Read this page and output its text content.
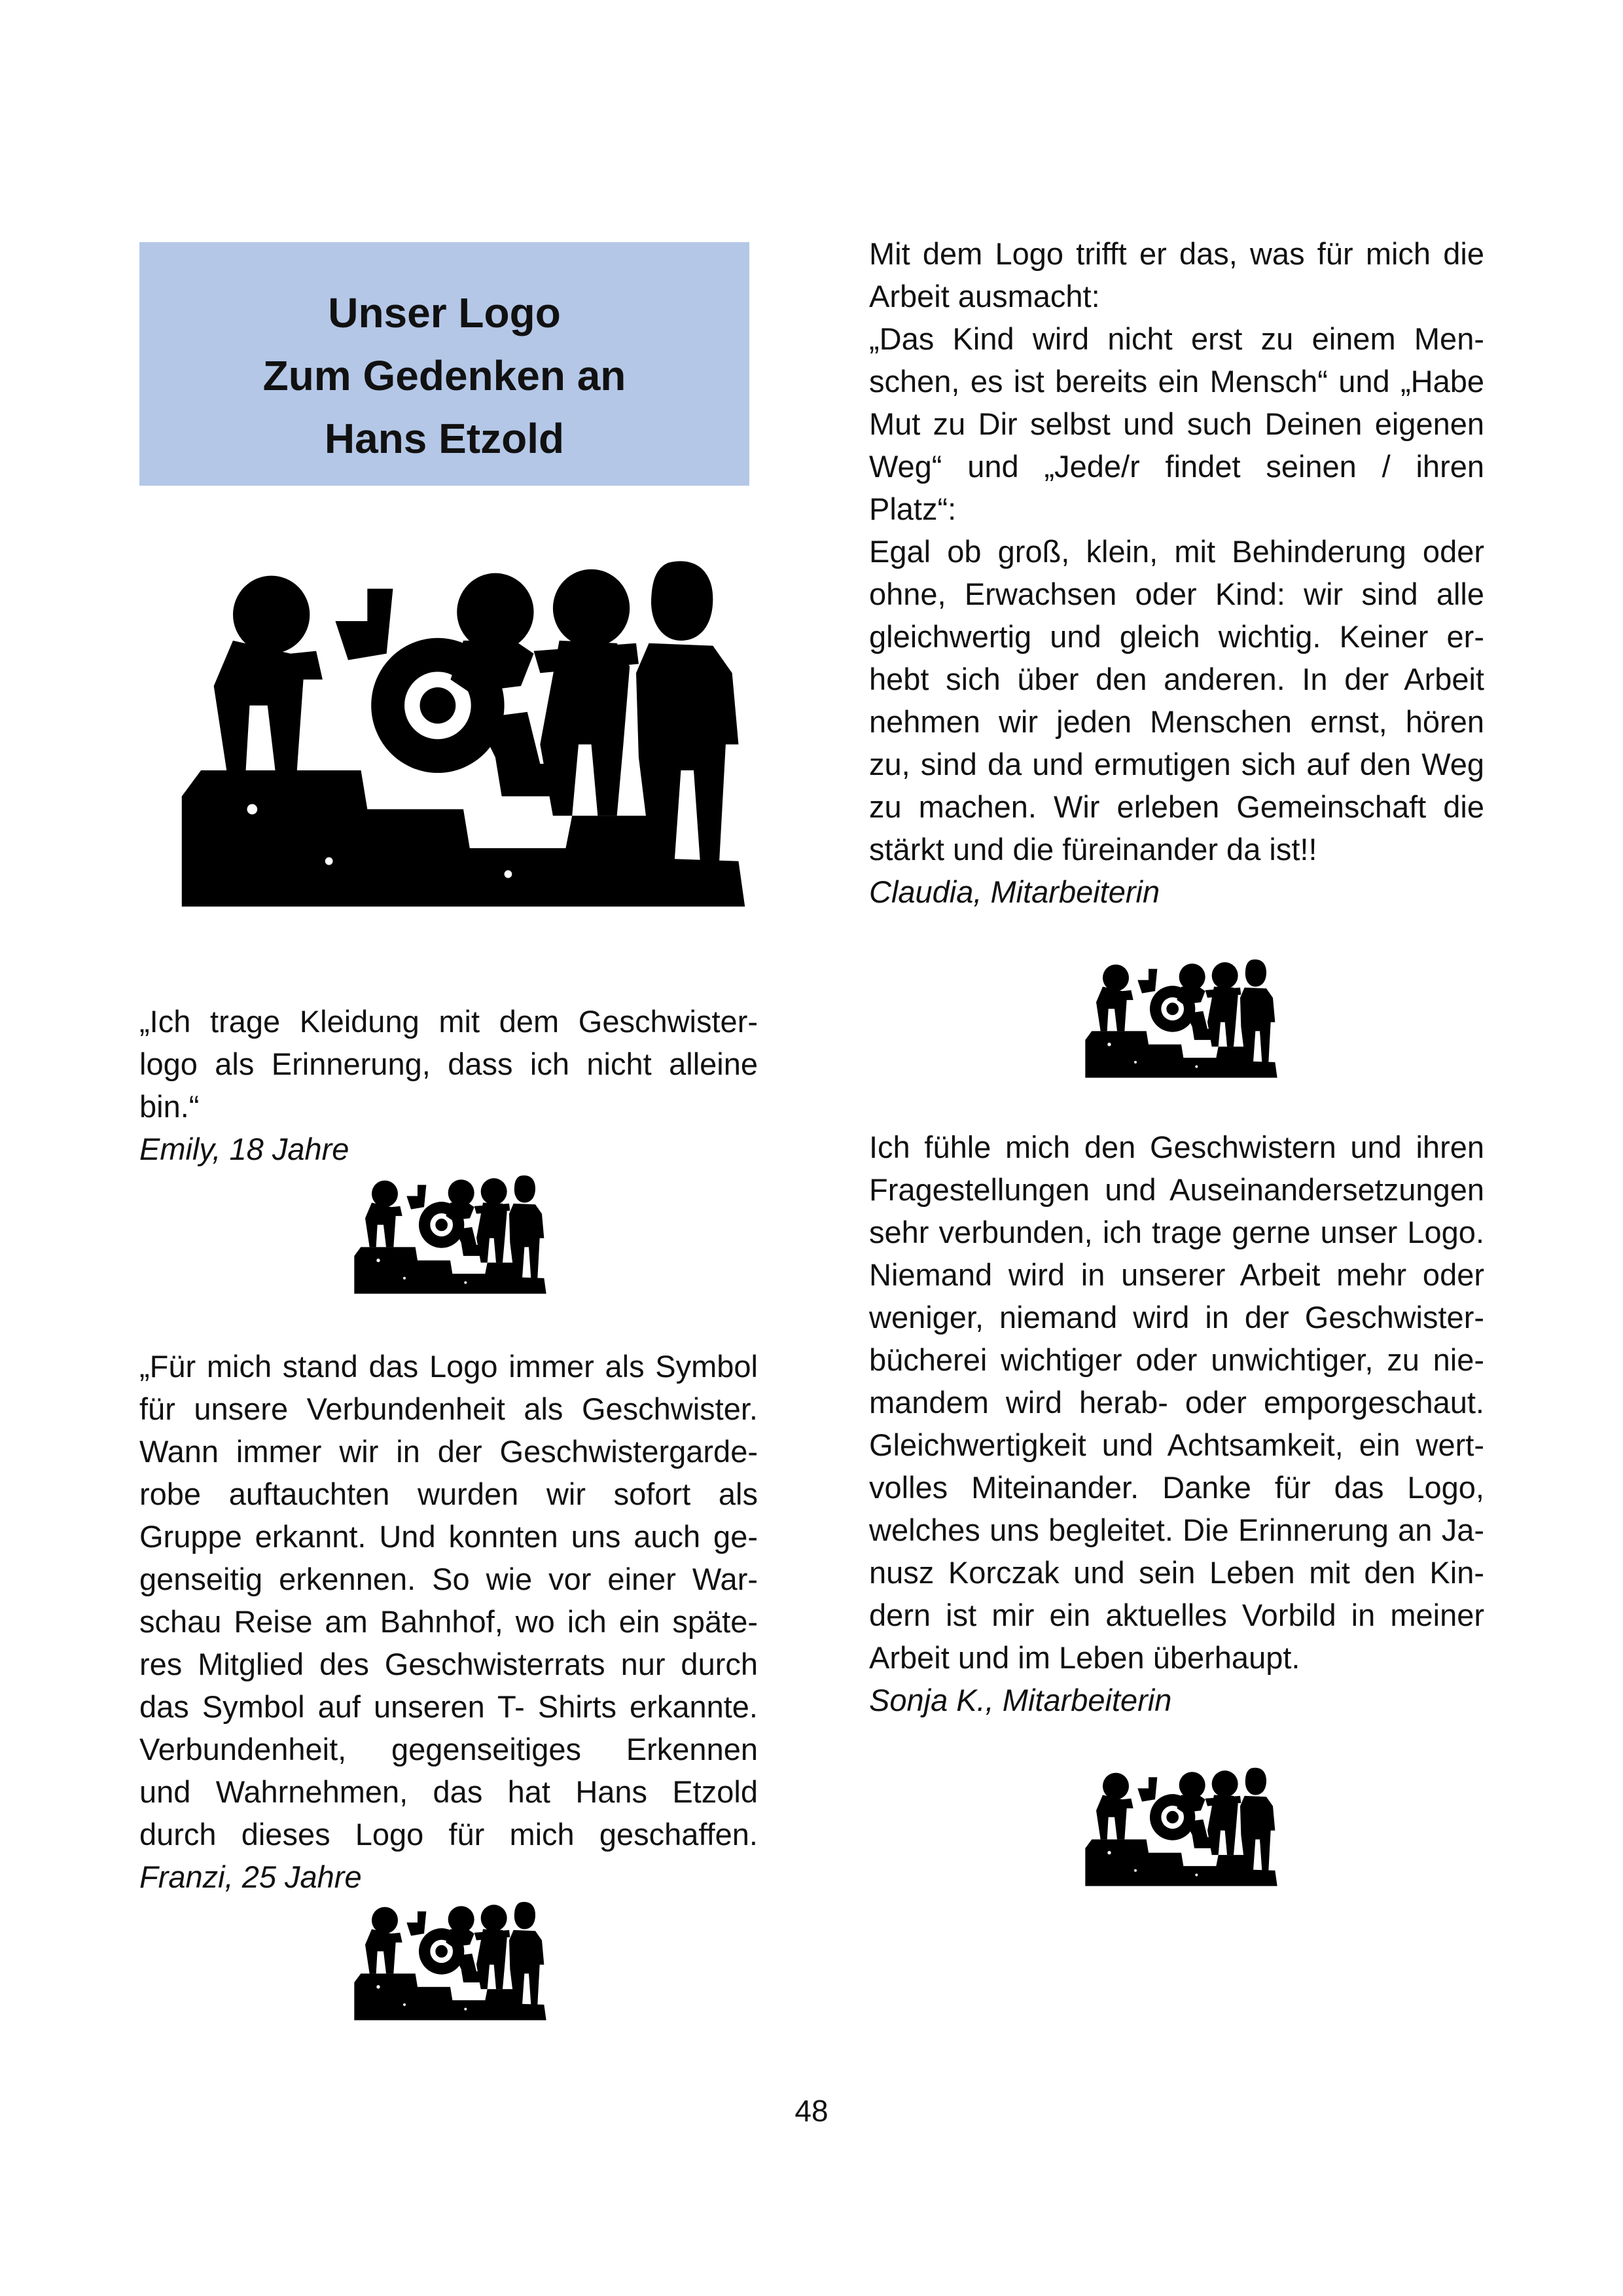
Unser Logo
Zum Gedenken an
Hans Etzold
Mit dem Logo trifft er das, was für mich die
Arbeit ausmacht:
„Das Kind wird nicht erst zu einem Men-
schen, es ist bereits ein Mensch“ und „Habe
Mut zu Dir selbst und such Deinen eigenen
Weg“ und „Jede/r findet seinen / ihren
Platz“:
Egal ob groß, klein, mit Behinderung oder
ohne, Erwachsen oder Kind: wir sind alle
gleichwertig und gleich wichtig. Keiner er-
hebt sich über den anderen. In der Arbeit
nehmen wir jeden Menschen ernst, hören
zu, sind da und ermutigen sich auf den Weg
zu machen. Wir erleben Gemeinschaft die
stärkt und die füreinander da ist!!
Claudia, Mitarbeiterin
„Ich trage Kleidung mit dem Geschwister-
logo als Erinnerung, dass ich nicht alleine
bin.“
Emily, 18 Jahre	Ich fühle mich den Geschwistern und ihren
Fragestellungen und Auseinandersetzungen
sehr verbunden, ich trage gerne unser Logo.
Niemand wird in unserer Arbeit mehr oder
weniger, niemand wird in der Geschwister-
bücherei wichtiger oder unwichtiger, zu nie-
mandem wird herab- oder emporgeschaut.
Gleichwertigkeit und Achtsamkeit, ein wert-
volles Miteinander. Danke für das Logo,
welches uns begleitet. Die Erinnerung an Ja-
nusz Korczak und sein Leben mit den Kin-
dern ist mir ein aktuelles Vorbild in meiner
Arbeit und im Leben überhaupt.
Sonja K., Mitarbeiterin
„Für mich stand das Logo immer als Symbol
für unsere Verbundenheit als Geschwister.
Wann immer wir in der Geschwistergarde-
robe auftauchten wurden wir sofort als
Gruppe erkannt. Und konnten uns auch ge-
genseitig erkennen. So wie vor einer War-
schau Reise am Bahnhof, wo ich ein späte-
res Mitglied des Geschwisterrats nur durch
das Symbol auf unseren T- Shirts erkannte.
Verbundenheit, gegenseitiges Erkennen
und Wahrnehmen, das hat Hans Etzold
durch dieses Logo für mich geschaffen.
Franzi, 25 Jahre
48
